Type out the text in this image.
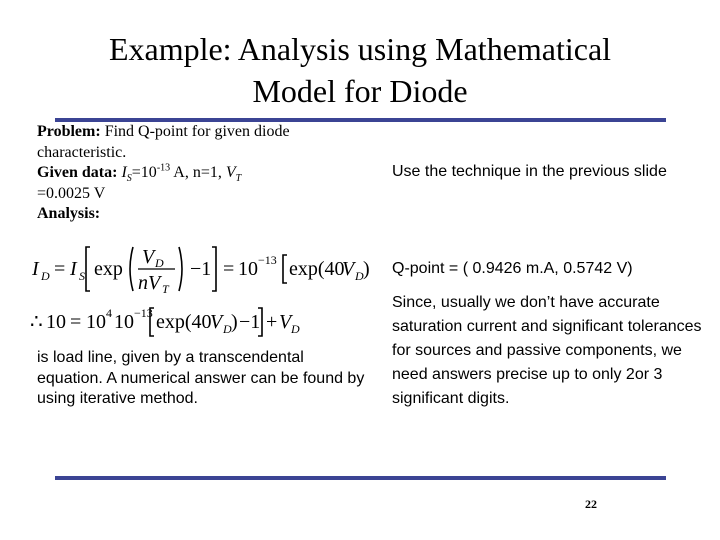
Example: Analysis using Mathematical
Model for Diode
Problem: Find Q-point for given diode characteristic.
Given data: $I_S=10^{-13}$ A, n=1, $V_T$
=0.0025 V
Analysis:
I D = I S exp
V D
nV T
−1 = 10 −13 exp(40
V D )
∴ 10 = 10 4 10 −13 exp(40
V D ) −1 + V D
is load line, given by a transcendental equation. A numerical answer can be found by using iterative method.
Use the technique in the previous slide
Q-point = ( 0.9426 m.A, 0.5742 V)
Since, usually we don’t have accurate saturation current and significant tolerances for sources and passive components, we need answers precise up to only 2or 3 significant digits.
22
